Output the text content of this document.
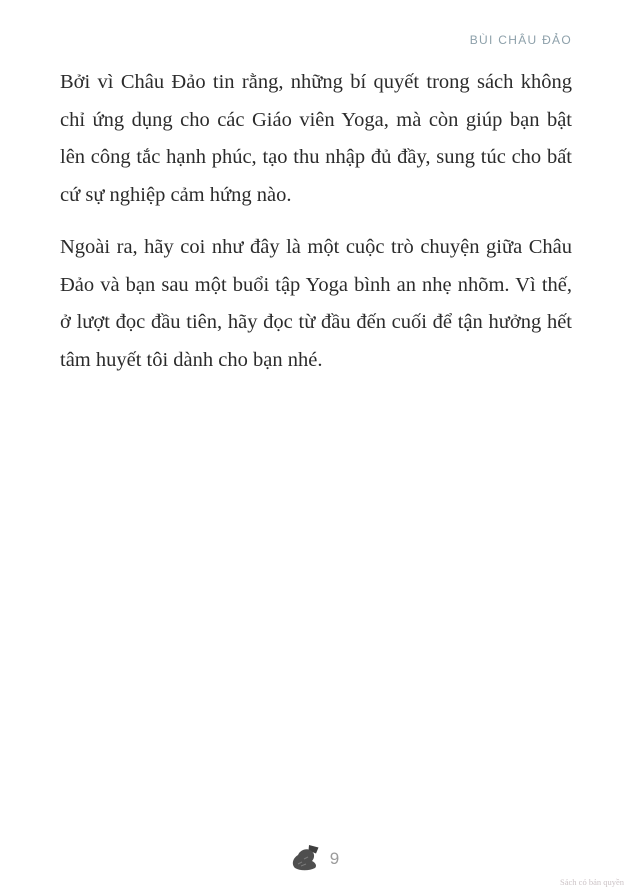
BÙI CHÂU ĐẢO

Bởi vì Châu Đảo tin rằng, những bí quyết trong sách không chỉ ứng dụng cho các Giáo viên Yoga, mà còn giúp bạn bật lên công tắc hạnh phúc, tạo thu nhập đủ đầy, sung túc cho bất cứ sự nghiệp cảm hứng nào.

Ngoài ra, hãy coi như đây là một cuộc trò chuyện giữa Châu Đảo và bạn sau một buổi tập Yoga bình an nhẹ nhõm. Vì thế, ở lượt đọc đầu tiên, hãy đọc từ đầu đến cuối để tận hưởng hết tâm huyết tôi dành cho bạn nhé.

9
Sách có bản quyền
